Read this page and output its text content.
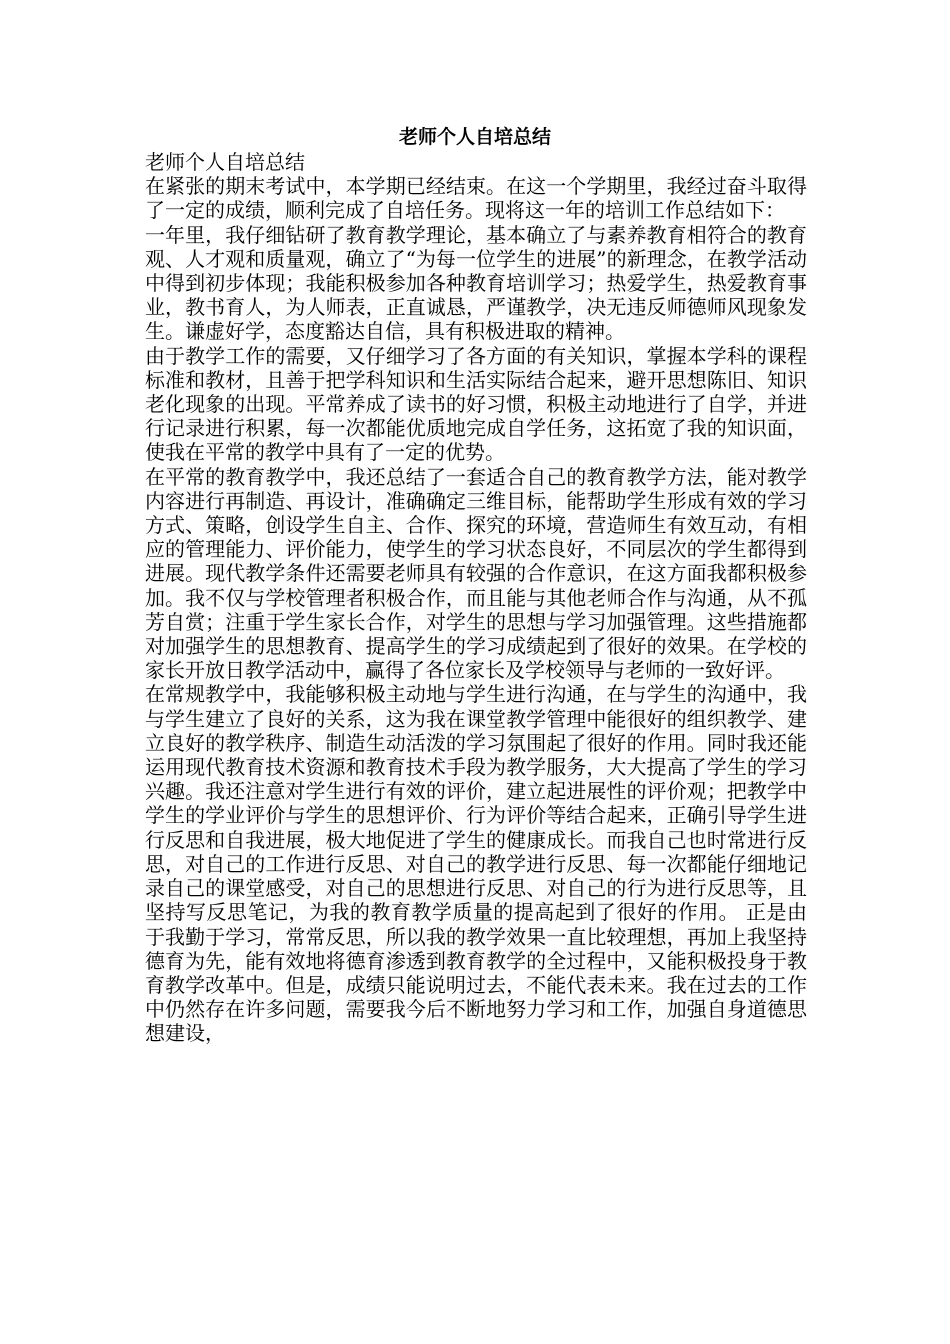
老师个人自培总结

老师个人自培总结

在紧张的期末考试中，本学期已经结束。在这一个学期里，我经过奋斗取得了一定的成绩，顺利完成了自培任务。现将这一年的培训工作总结如下：

一年里，我仔细钻研了教育教学理论，基本确立了与素养教育相符合的教育观、人才观和质量观，确立了“为每一位学生的进展”的新理念，在教学活动中得到初步体现；我能积极参加各种教育培训学习；热爱学生，热爱教育事业，教书育人，为人师表，正直诚恳，严谨教学，决无违反师德师风现象发生。谦虚好学，态度豁达自信，具有积极进取的精神。

由于教学工作的需要，又仔细学习了各方面的有关知识，掌握本学科的课程标准和教材，且善于把学科知识和生活实际结合起来，避开思想陈旧、知识老化现象的出现。平常养成了读书的好习惯，积极主动地进行了自学，并进行记录进行积累，每一次都能优质地完成自学任务，这拓宽了我的知识面，使我在平常的教学中具有了一定的优势。

在平常的教育教学中，我还总结了一套适合自己的教育教学方法，能对教学内容进行再制造、再设计，准确确定三维目标，能帮助学生形成有效的学习方式、策略，创设学生自主、合作、探究的环境，营造师生有效互动，有相应的管理能力、评价能力，使学生的学习状态良好，不同层次的学生都得到进展。现代教学条件还需要老师具有较强的合作意识，在这方面我都积极参加。我不仅与学校管理者积极合作，而且能与其他老师合作与沟通，从不孤芳自赏；注重于学生家长合作，对学生的思想与学习加强管理。这些措施都对加强学生的思想教育、提高学生的学习成绩起到了很好的效果。在学校的家长开放日教学活动中，赢得了各位家长及学校领导与老师的一致好评。

在常规教学中，我能够积极主动地与学生进行沟通，在与学生的沟通中，我与学生建立了良好的关系，这为我在课堂教学管理中能很好的组织教学、建立良好的教学秩序、制造生动活泼的学习氛围起了很好的作用。同时我还能运用现代教育技术资源和教育技术手段为教学服务，大大提高了学生的学习兴趣。我还注意对学生进行有效的评价，建立起进展性的评价观；把教学中学生的学业评价与学生的思想评价、行为评价等结合起来，正确引导学生进行反思和自我进展，极大地促进了学生的健康成长。而我自己也时常进行反思，对自己的工作进行反思、对自己的教学进行反思、每一次都能仔细地记录自己的课堂感受，对自己的思想进行反思、对自己的行为进行反思等，且坚持写反思笔记，为我的教育教学质量的提高起到了很好的作用。 正是由于我勤于学习，常常反思，所以我的教学效果一直比较理想，再加上我坚持德育为先，能有效地将德育渗透到教育教学的全过程中，又能积极投身于教育教学改革中。但是，成绩只能说明过去，不能代表未来。我在过去的工作中仍然存在许多问题，需要我今后不断地努力学习和工作，加强自身道德思想建设，
